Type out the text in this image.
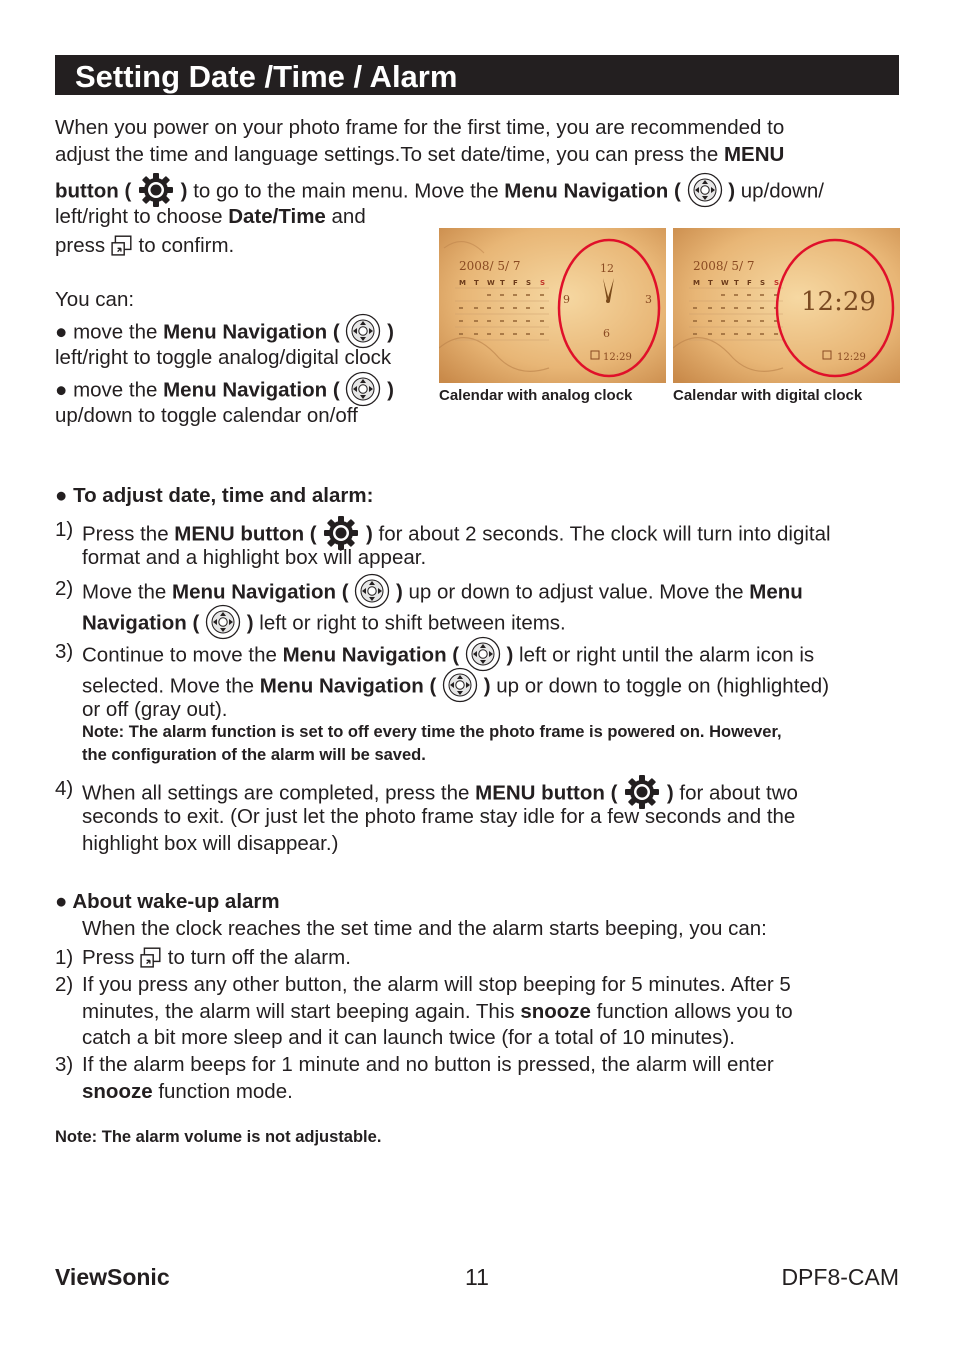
Setting Date /Time / Alarm
When you power on your photo frame for the first time, you are recommended to
adjust the time and language settings.To set date/time, you can press the MENU
button ( ) to go to the main menu. Move the Menu Navigation ( ) up/down/
left/right to choose Date/Time and
press  to confirm.
You can:
● move the Menu Navigation ( )
left/right to toggle analog/digital clock
● move the Menu Navigation ( )
up/down to toggle calendar on/off
2008/ 5/ 7
M T W T F S S
12
3
6
9
12:29
2008/ 5/ 7
M T W T F S S
12:29
12:29
Calendar with analog clock	Calendar with digital clock
● To adjust date, time and alarm:
1) Press the MENU button ( ) for about 2 seconds. The clock will turn into digital
format and a highlight box will appear.
2) Move the Menu Navigation ( ) up or down to adjust value. Move the Menu
Navigation ( ) left or right to shift between items.
3) Continue to move the Menu Navigation ( ) left or right until the alarm icon is
selected. Move the Menu Navigation ( ) up or down to toggle on (highlighted)
or off (gray out).
Note: The alarm function is set to off every time the photo frame is powered on. However,
the configuration of the alarm will be saved.
4) When all settings are completed, press the MENU button ( ) for about two
seconds to exit. (Or just let the photo frame stay idle for a few seconds and the
highlight box will disappear.)
● About wake-up alarm
When the clock reaches the set time and the alarm starts beeping, you can:
1) Press  to turn off the alarm.
2) If you press any other button, the alarm will stop beeping for 5 minutes. After 5
minutes, the alarm will start beeping again. This snooze function allows you to
catch a bit more sleep and it can launch twice (for a total of 10 minutes).
3) If the alarm beeps for 1 minute and no button is pressed, the alarm will enter
snooze function mode.
Note: The alarm volume is not adjustable.
ViewSonic	11	DPF8-CAM
